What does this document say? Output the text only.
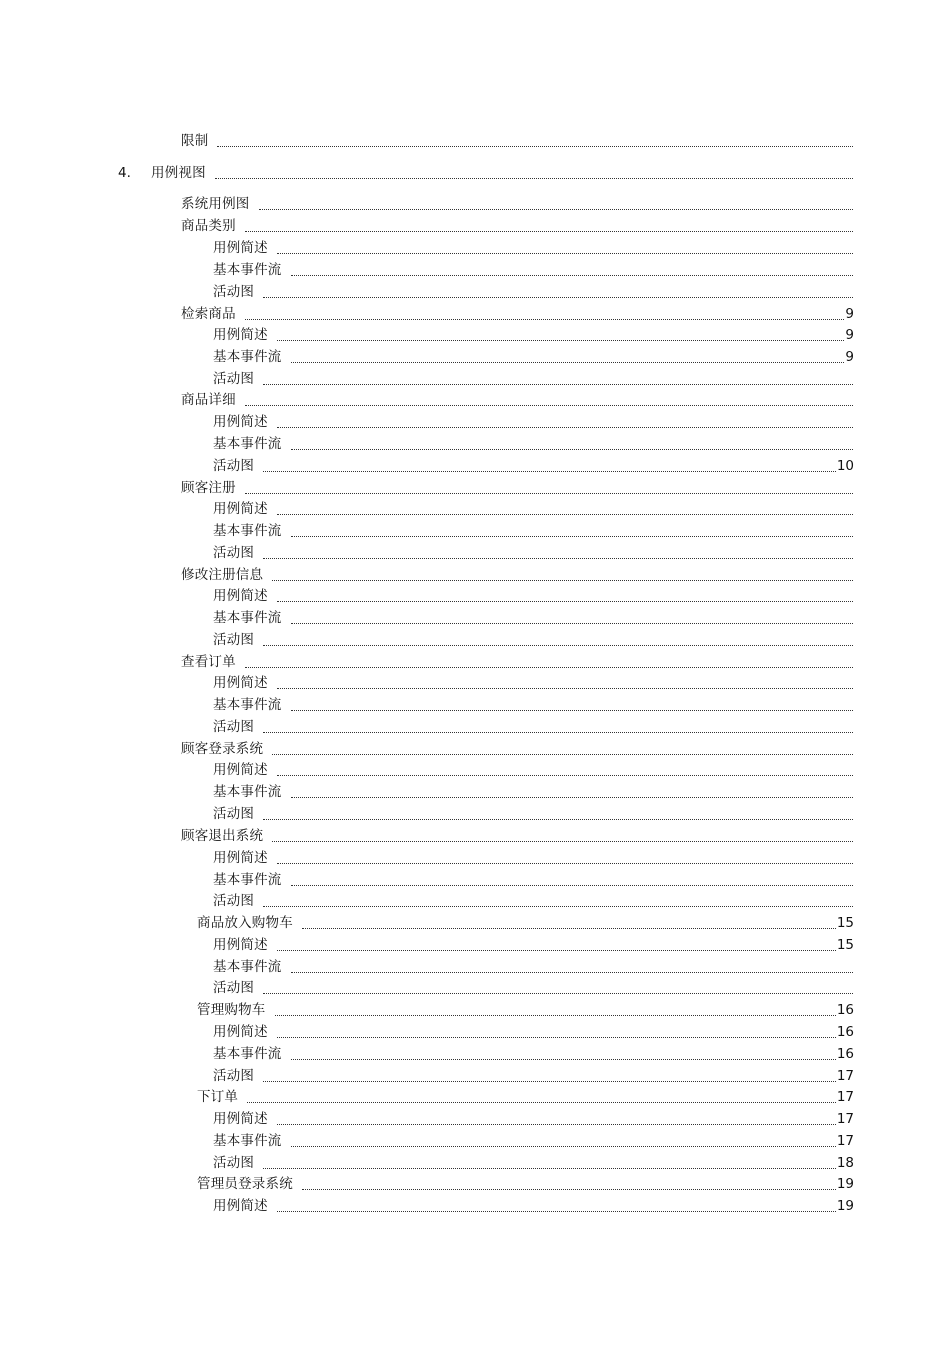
限制
4.	用例视图
系统用例图
商品类别
用例简述
基本事件流
活动图
检索商品	9
用例简述	9
基本事件流	9
活动图
商品详细
用例简述
基本事件流
活动图	10
顾客注册
用例简述
基本事件流
活动图
修改注册信息
用例简述
基本事件流
活动图
查看订单
用例简述
基本事件流
活动图
顾客登录系统
用例简述
基本事件流
活动图
顾客退出系统
用例简述
基本事件流
活动图
商品放入购物车	15
用例简述	15
基本事件流
活动图
管理购物车	16
用例简述	16
基本事件流	16
活动图	17
下订单	17
用例简述	17
基本事件流	17
活动图	18
管理员登录系统	19
用例简述	19
